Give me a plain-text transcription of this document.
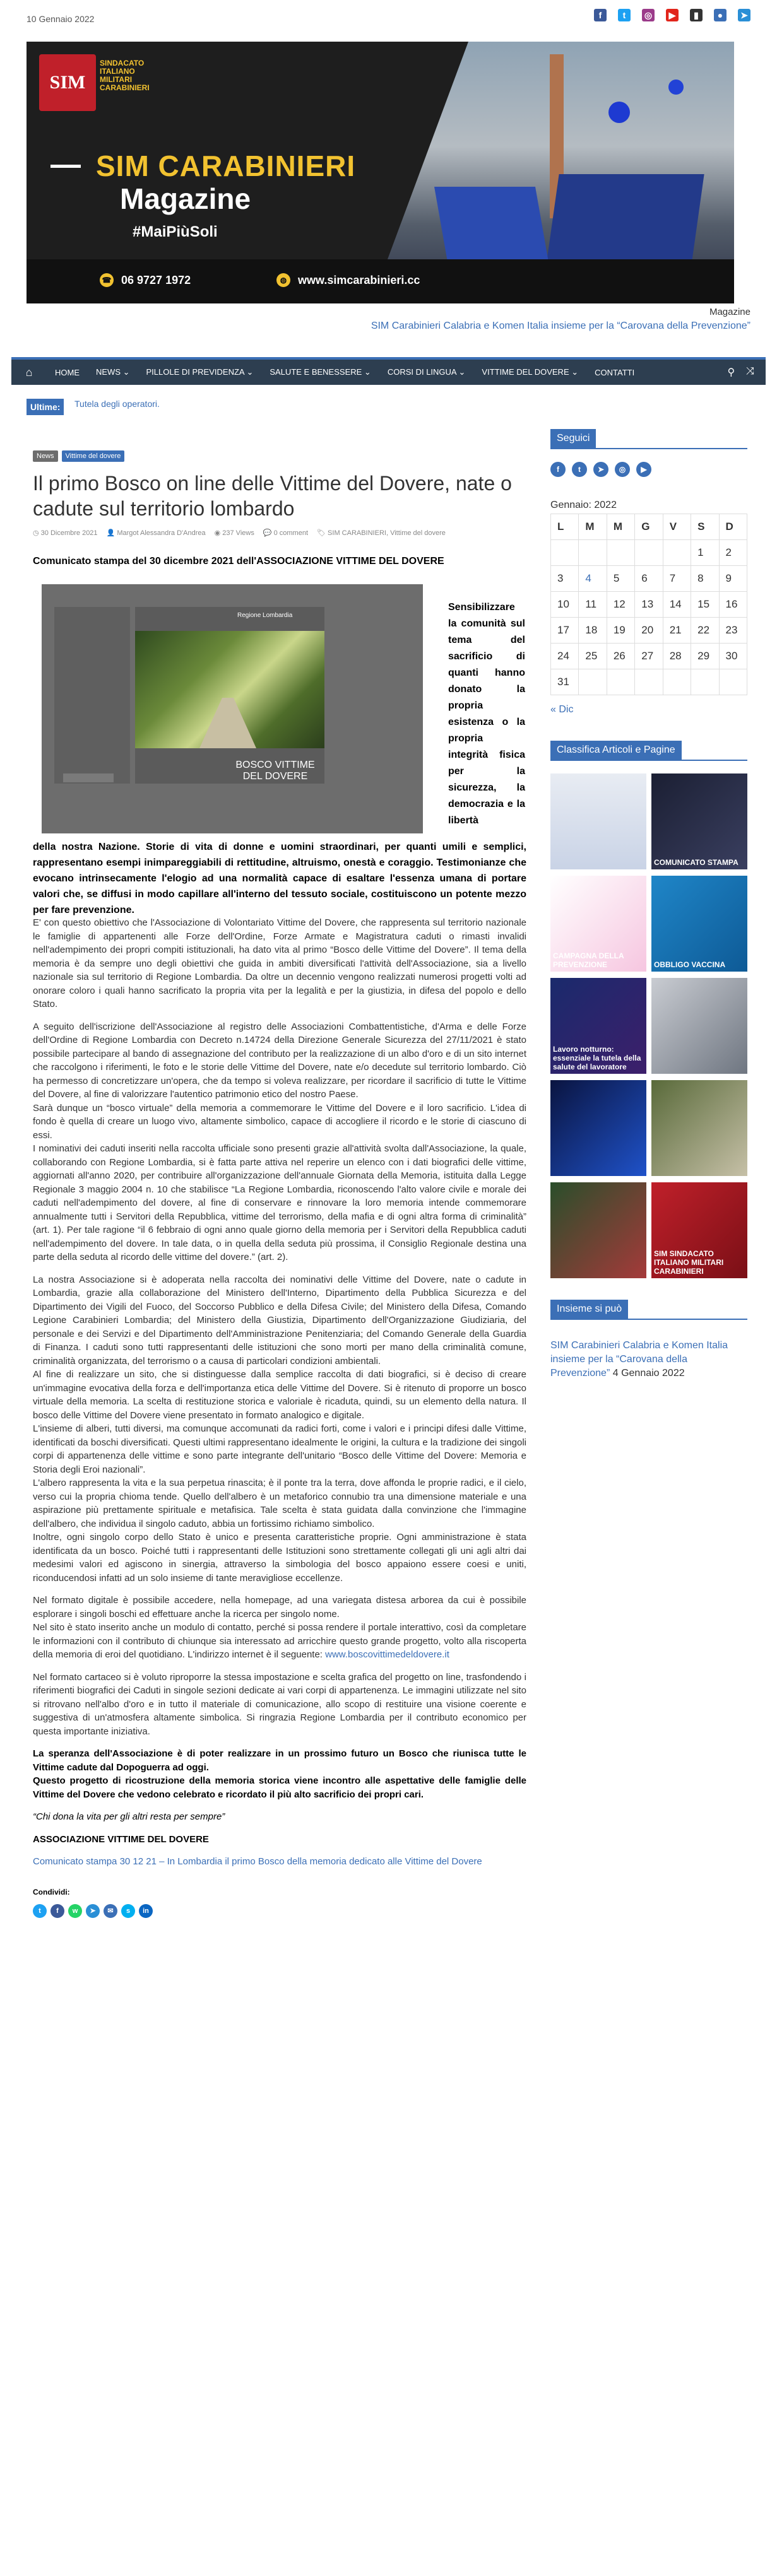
10 Gennaio 2022	f	t	◎	▶	▮	●	➤
SIM
SINDACATO ITALIANO MILITARI CARABINIERI
SIM CARABINIERI
Magazine
#MaiPiùSoli
☎ 06 9727 1972	◍ www.simcarabinieri.cc
Magazine
SIM Carabinieri Calabria e Komen Italia insieme per la “Carovana della Prevenzione”
⌂	HOME	NEWS ⌄	PILLOLE DI PREVIDENZA ⌄	SALUTE E BENESSERE ⌄	CORSI DI LINGUA ⌄	VITTIME DEL DOVERE ⌄	CONTATTI	⚲ ⤨
Ultime:	Tutela degli operatori.
News	Vittime del dovere
Il primo Bosco on line delle Vittime del Dovere, nate o cadute sul territorio lombardo
◷ 30 Dicembre 2021 👤 Margot Alessandra D'Andrea ◉ 237 Views 💬 0 comment 🏷 SIM CARABINIERI, Vittime del dovere
Comunicato stampa del 30 dicembre 2021 dell'ASSOCIAZIONE VITTIME DEL DOVERE
Regione Lombardia
BOSCO VITTIME DEL DOVERE
Sensibilizzare la comunità sul tema del sacrificio di quanti hanno donato la propria esistenza o la propria integrità fisica per la sicurezza, la democrazia e la libertà
della nostra Nazione. Storie di vita di donne e uomini straordinari, per quanti umili e semplici, rappresentano esempi inimpareggiabili di rettitudine, altruismo, onestà e coraggio. Testimonianze che evocano intrinsecamente l'elogio ad una normalità capace di esaltare l'essenza umana di portare valori che, se diffusi in modo capillare all'interno del tessuto sociale, costituiscono un potente mezzo per fare prevenzione.

E' con questo obiettivo che l'Associazione di Volontariato Vittime del Dovere, che rappresenta sul territorio nazionale le famiglie di appartenenti alle Forze dell'Ordine, Forze Armate e Magistratura caduti o rimasti invalidi nell'adempimento dei propri compiti istituzionali, ha dato vita al primo “Bosco delle Vittime del Dovere”. Il tema della memoria è da sempre uno degli obiettivi che guida in ambiti diversificati l'attività dell'Associazione, sia a livello nazionale sia sul territorio di Regione Lombardia. Da oltre un decennio vengono realizzati numerosi progetti volti ad onorare coloro i quali hanno sacrificato la propria vita per la legalità e per la giustizia, in difesa del popolo e dello Stato.

A seguito dell'iscrizione dell'Associazione al registro delle Associazioni Combattentistiche, d'Arma e delle Forze dell'Ordine di Regione Lombardia con Decreto n.14724 della Direzione Generale Sicurezza del 27/11/2021 è stato possibile partecipare al bando di assegnazione del contributo per la realizzazione di un albo d'oro e di un sito internet che raccolgono i riferimenti, le foto e le storie delle Vittime del Dovere, nate e/o decedute sul territorio lombardo. Ciò ha permesso di concretizzare un'opera, che da tempo si voleva realizzare, per ricordare il sacrificio di tutte le Vittime del Dovere, al fine di valorizzare l'autentico patrimonio etico del nostro Paese.

Sarà dunque un “bosco virtuale” della memoria a commemorare le Vittime del Dovere e il loro sacrificio. L'idea di fondo è quella di creare un luogo vivo, altamente simbolico, capace di accogliere il ricordo e le storie di ciascuno di essi.

I nominativi dei caduti inseriti nella raccolta ufficiale sono presenti grazie all'attività svolta dall'Associazione, la quale, collaborando con Regione Lombardia, si è fatta parte attiva nel reperire un elenco con i dati biografici delle vittime, aggiornati all'anno 2020, per contribuire all'organizzazione dell'annuale Giornata della Memoria, istituita dalla Legge Regionale 3 maggio 2004 n. 10 che stabilisce “La Regione Lombardia, riconoscendo l'alto valore civile e morale dei caduti nell'adempimento del dovere, al fine di conservare e rinnovare la loro memoria intende commemorare annualmente tutti i Servitori della Repubblica, vittime del terrorismo, della mafia e di ogni altra forma di criminalità” (art. 1). Per tale ragione “il 6 febbraio di ogni anno quale giorno della memoria per i Servitori della Repubblica caduti nell'adempimento del dovere. In tale data, o in quella della seduta più prossima, il Consiglio Regionale destina una parte della seduta al ricordo delle vittime del dovere.” (art. 2).

La nostra Associazione si è adoperata nella raccolta dei nominativi delle Vittime del Dovere, nate o cadute in Lombardia, grazie alla collaborazione del Ministero dell'Interno, Dipartimento della Pubblica Sicurezza e del Dipartimento dei Vigili del Fuoco, del Soccorso Pubblico e della Difesa Civile; del Ministero della Difesa, Comando Legione Carabinieri Lombardia; del Ministero della Giustizia, Dipartimento dell'Organizzazione Giudiziaria, del personale e dei Servizi e del Dipartimento dell'Amministrazione Penitenziaria; del Comando Generale della Guardia di Finanza. I caduti sono tutti rappresentanti delle istituzioni che sono morti per mano della criminalità comune, criminalità organizzata, del terrorismo o a causa di particolari condizioni ambientali.

Al fine di realizzare un sito, che si distinguesse dalla semplice raccolta di dati biografici, si è deciso di creare un'immagine evocativa della forza e dell'importanza etica delle Vittime del Dovere. Si è ritenuto di proporre un bosco virtuale della memoria. La scelta di restituzione storica e valoriale è ricaduta, quindi, su un elemento della natura. Il bosco delle Vittime del Dovere viene presentato in formato analogico e digitale.

L'insieme di alberi, tutti diversi, ma comunque accomunati da radici forti, come i valori e i principi difesi dalle Vittime, identificati da boschi diversificati. Questi ultimi rappresentano idealmente le origini, la cultura e la tradizione dei singoli corpi di appartenenza delle vittime e sono parte integrante dell'unitario “Bosco delle Vittime del Dovere: Memoria e Storia degli Eroi nazionali”.

L'albero rappresenta la vita e la sua perpetua rinascita; è il ponte tra la terra, dove affonda le proprie radici, e il cielo, verso cui la propria chioma tende. Quello dell'albero è un metaforico connubio tra una dimensione materiale e una aspirazione più prettamente spirituale e metafisica. Tale scelta è stata guidata dalla convinzione che l'immagine dell'albero, che individua il singolo caduto, abbia un fortissimo richiamo simbolico.

Inoltre, ogni singolo corpo dello Stato è unico e presenta caratteristiche proprie. Ogni amministrazione è stata identificata da un bosco. Poiché tutti i rappresentanti delle Istituzioni sono strettamente collegati gli uni agli altri dai medesimi valori ed agiscono in sinergia, attraverso la simbologia del bosco appaiono essere coesi e uniti, riconducendosi infatti ad un solo insieme di tante meravigliose eccellenze.

Nel formato digitale è possibile accedere, nella homepage, ad una variegata distesa arborea da cui è possibile esplorare i singoli boschi ed effettuare anche la ricerca per singolo nome.

Nel sito è stato inserito anche un modulo di contatto, perché si possa rendere il portale interattivo, così da completare le informazioni con il contributo di chiunque sia interessato ad arricchire questo grande progetto, volto alla riscoperta della memoria di eroi del quotidiano. L'indirizzo internet è il seguente: www.boscovittimedeldovere.it

Nel formato cartaceo si è voluto riproporre la stessa impostazione e scelta grafica del progetto on line, trasfondendo i riferimenti biografici dei Caduti in singole sezioni dedicate ai vari corpi di appartenenza. Le immagini utilizzate nel sito si ritrovano nell'albo d'oro e in tutto il materiale di comunicazione, allo scopo di restituire una visione coerente e suggestiva di un'atmosfera altamente simbolica. Si ringrazia Regione Lombardia per il contributo economico per questa importante iniziativa.

La speranza dell'Associazione è di poter realizzare in un prossimo futuro un Bosco che riunisca tutte le Vittime cadute dal Dopoguerra ad oggi.

Questo progetto di ricostruzione della memoria storica viene incontro alle aspettative delle famiglie delle Vittime del Dovere che vedono celebrato e ricordato il più alto sacrificio dei propri cari.

“Chi dona la vita per gli altri resta per sempre”

ASSOCIAZIONE VITTIME DEL DOVERE

Comunicato stampa 30 12 21 – In Lombardia il primo Bosco della memoria dedicato alle Vittime del Dovere

Condividi:
t	f	w	➤	✉	s	in
Seguici
f	t	➤	◎	▶
Gennaio: 2022
L	M	M	G	V	S	D
					1	2
3	4	5	6	7	8	9
10	11	12	13	14	15	16
17	18	19	20	21	22	23
24	25	26	27	28	29	30
31						
« Dic
Classifica Articoli e Pagine
COMUNICATO STAMPA
CAMPAGNA DELLA PREVENZIONE	OBBLIGO VACCINA
Lavoro notturno: essenziale la tutela della salute del lavoratore
SIM SINDACATO ITALIANO MILITARI CARABINIERI
Insieme si può
SIM Carabinieri Calabria e Komen Italia insieme per la “Carovana della Prevenzione” 4 Gennaio 2022
